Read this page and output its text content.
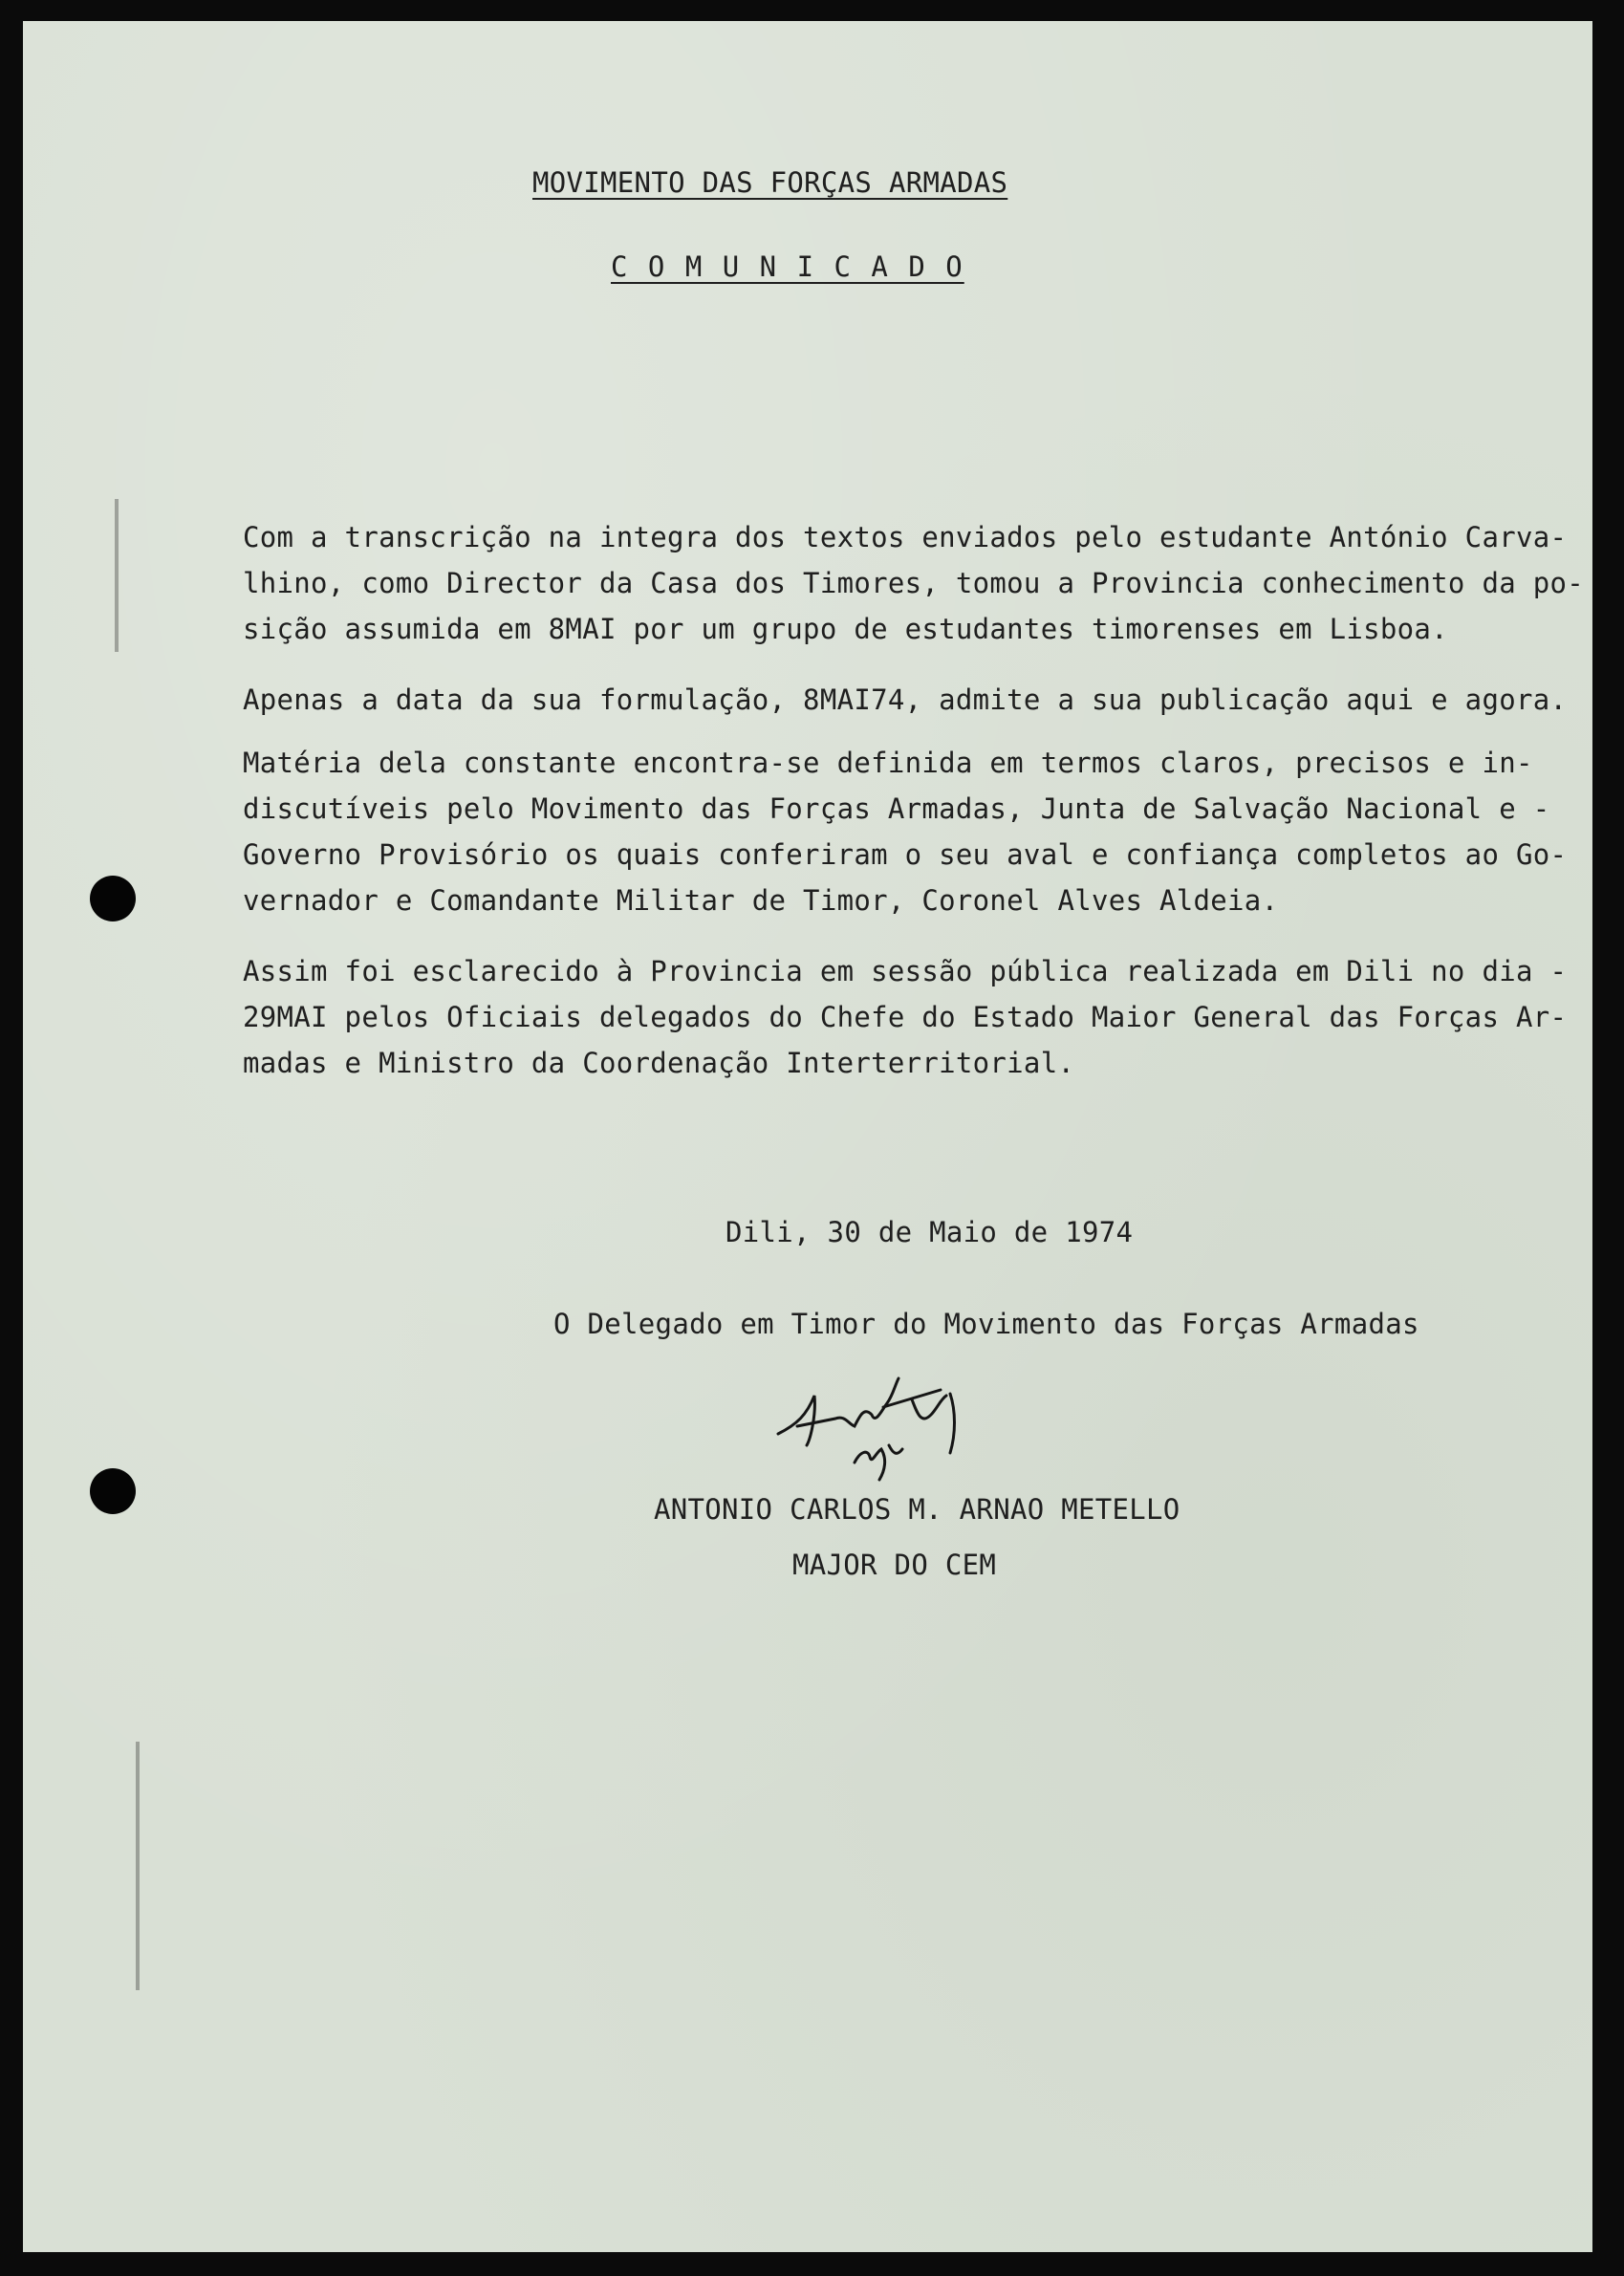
MOVIMENTO DAS FORÇAS ARMADAS
C O M U N I C A D O
Com a transcrição na integra dos textos enviados pelo estudante António Carva-
lhino, como Director da Casa dos Timores, tomou a Provincia conhecimento da po-
sição assumida em 8MAI por um grupo de estudantes timorenses em Lisboa.
Apenas a data da sua formulação, 8MAI74, admite a sua publicação aqui e agora.
Matéria dela constante encontra-se definida em termos claros, precisos e in-
discutíveis pelo Movimento das Forças Armadas, Junta de Salvação Nacional e -
Governo Provisório os quais conferiram o seu aval e confiança completos ao Go-
vernador e Comandante Militar de Timor, Coronel Alves Aldeia.
Assim foi esclarecido à Provincia em sessão pública realizada em Dili no dia -
29MAI pelos Oficiais delegados do Chefe do Estado Maior General das Forças Ar-
madas e Ministro da Coordenação Interterritorial.
Dili, 30 de Maio de 1974
O Delegado em Timor do Movimento das Forças Armadas
ANTONIO CARLOS M. ARNAO METELLO
MAJOR DO CEM
